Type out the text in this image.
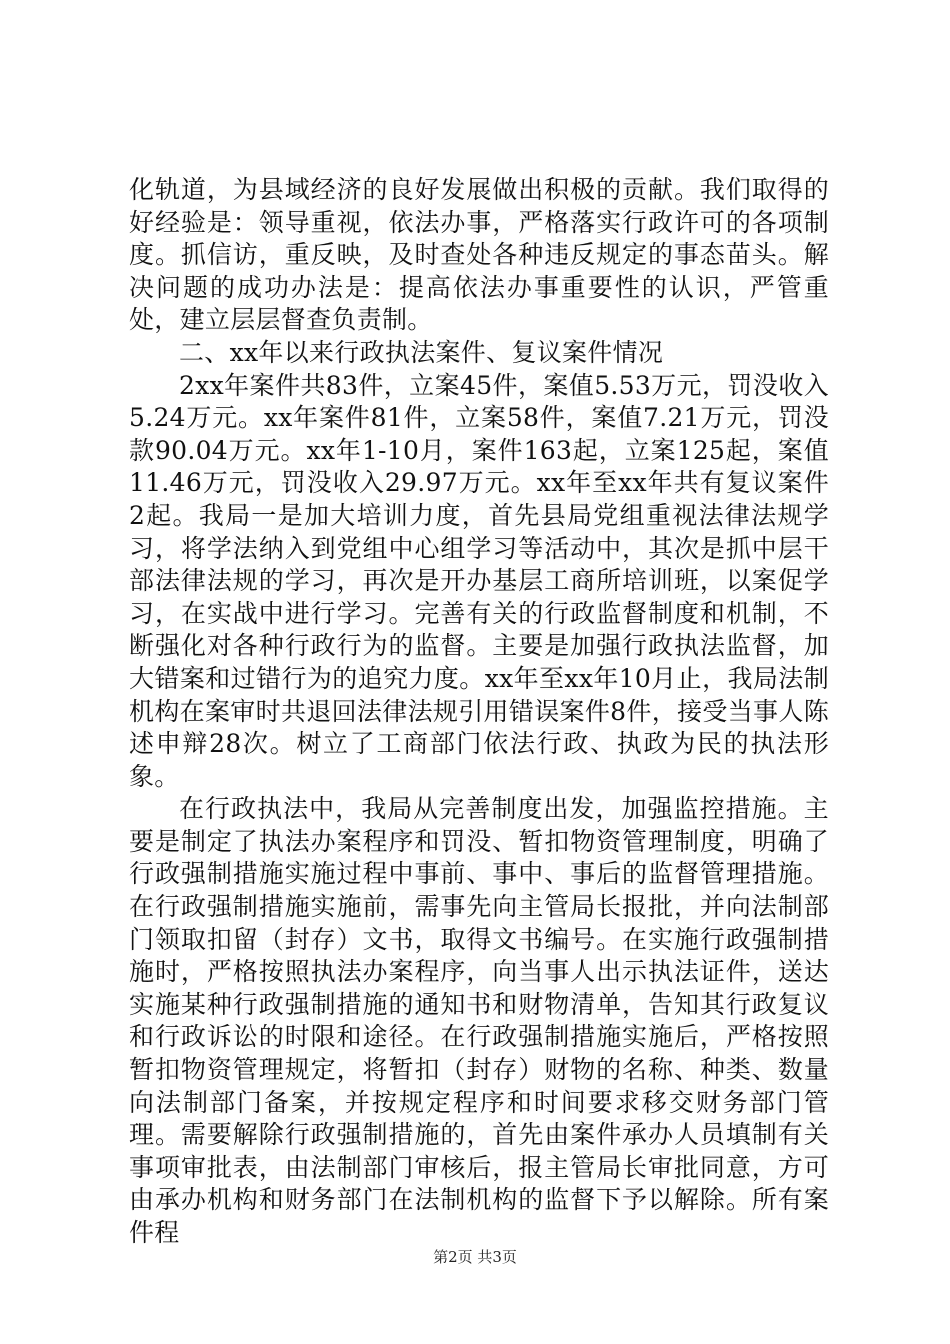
化轨道，为县域经济的良好发展做出积极的贡献。我们取得的好经验是：领导重视，依法办事，严格落实行政许可的各项制度。抓信访，重反映，及时查处各种违反规定的事态苗头。解决问题的成功办法是：提高依法办事重要性的认识，严管重处，建立层层督查负责制。

二、xx年以来行政执法案件、复议案件情况

2xx年案件共83件，立案45件，案值5.53万元，罚没收入5.24万元。xx年案件81件，立案58件，案值7.21万元，罚没款90.04万元。xx年1-10月，案件163起，立案125起，案值11.46万元，罚没收入29.97万元。xx年至xx年共有复议案件2起。我局一是加大培训力度，首先县局党组重视法律法规学习，将学法纳入到党组中心组学习等活动中，其次是抓中层干部法律法规的学习，再次是开办基层工商所培训班，以案促学习，在实战中进行学习。完善有关的行政监督制度和机制，不断强化对各种行政行为的监督。主要是加强行政执法监督，加大错案和过错行为的追究力度。xx年至xx年10月止，我局法制机构在案审时共退回法律法规引用错误案件8件，接受当事人陈述申辩28次。树立了工商部门依法行政、执政为民的执法形象。

在行政执法中，我局从完善制度出发，加强监控措施。主要是制定了执法办案程序和罚没、暂扣物资管理制度，明确了行政强制措施实施过程中事前、事中、事后的监督管理措施。在行政强制措施实施前，需事先向主管局长报批，并向法制部门领取扣留（封存）文书，取得文书编号。在实施行政强制措施时，严格按照执法办案程序，向当事人出示执法证件，送达实施某种行政强制措施的通知书和财物清单，告知其行政复议和行政诉讼的时限和途径。在行政强制措施实施后，严格按照暂扣物资管理规定，将暂扣（封存）财物的名称、种类、数量向法制部门备案，并按规定程序和时间要求移交财务部门管理。需要解除行政强制措施的，首先由案件承办人员填制有关事项审批表，由法制部门审核后，报主管局长审批同意，方可由承办机构和财务部门在法制机构的监督下予以解除。所有案件程

第2页 共3页
